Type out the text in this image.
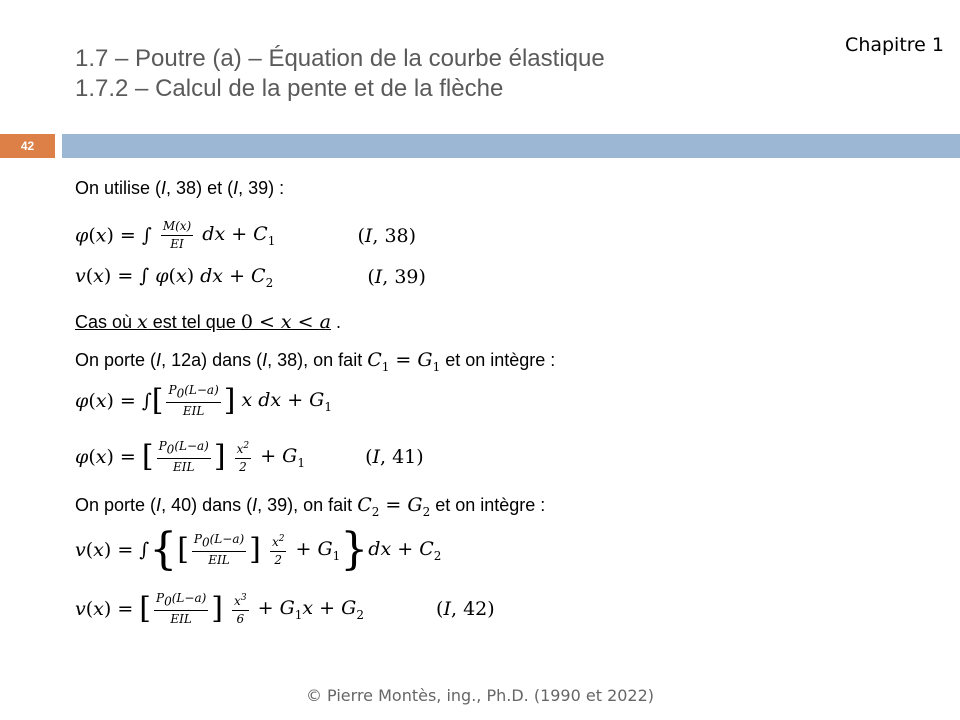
Chapitre 1
1.7 – Poutre (a) – Équation de la courbe élastique
1.7.2 – Calcul de la pente et de la flèche
42
On utilise (I, 38) et (I, 39) :
φ(x) = ∫ $\frac{M(x)}{EI}$ dx + $C_1$	(I, 38)
v(x) = ∫ φ(x) dx + $C_2$	(I, 39)
Cas où x est tel que 0 < x < a .
On porte (I, 12a) dans (I, 38), on fait $C_1 = G_1$ et on intègre :
φ(x) = ∫[ $\frac{P_0(L-a)}{\text{EIL}}$ ] x dx + $G_1$
φ(x) = [ $\frac{P_0(L-a)}{\text{EIL}}$ ] $\frac{x^2}{2} + G_1$	(I, 41)
On porte (I, 40) dans (I, 39), on fait $C_2 = G_2$ et on intègre :
v(x) = ∫{[ $\frac{P_0(L-a)}{\text{EIL}}$ ] $\frac{x^2}{2} + G_1\}dx + C_2$
v(x) = [ $\frac{P_0(L-a)}{\text{EIL}}$ ] $\frac{x^3}{6} + G_1x + G_2$	(I, 42)
© Pierre Montès, ing., Ph.D. (1990 et 2022)
